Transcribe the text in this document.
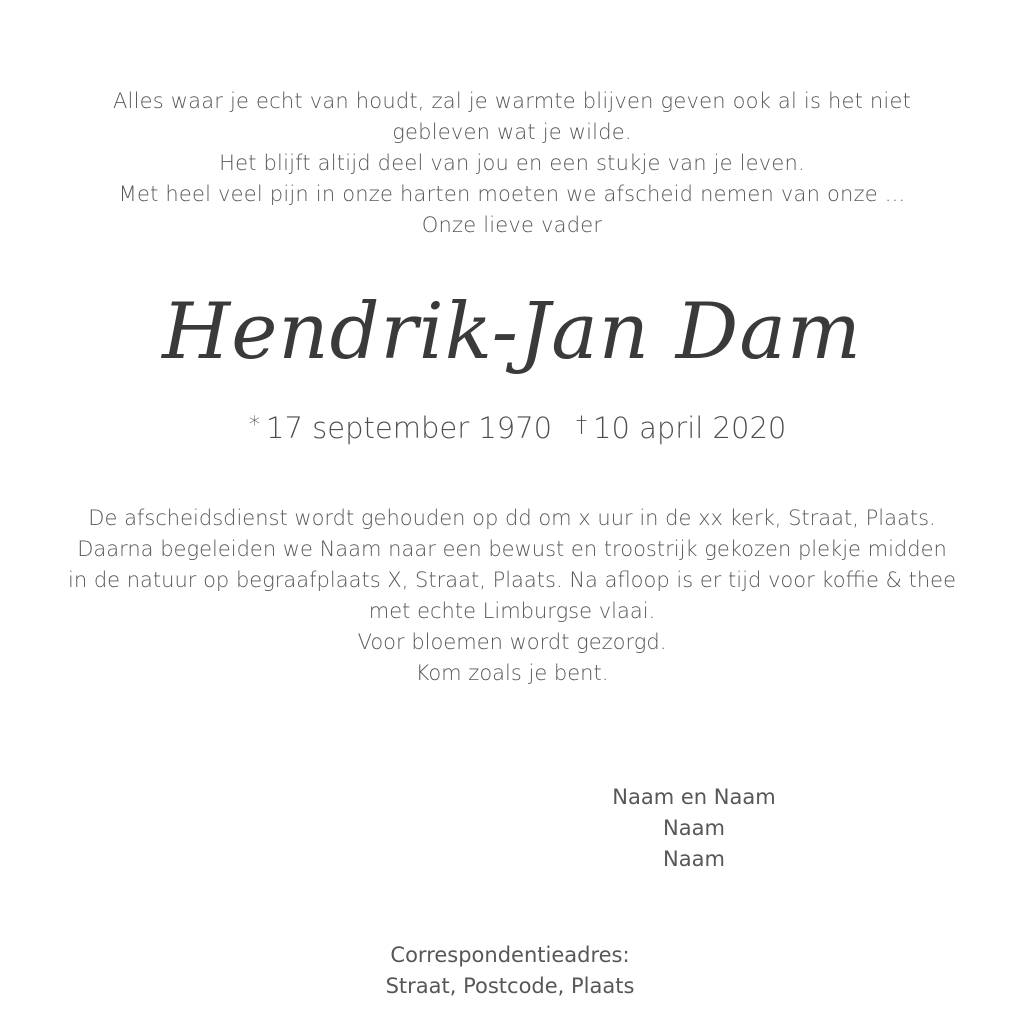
Alles waar je echt van houdt, zal je warmte blijven geven ook al is het niet
gebleven wat je wilde.
Het blijft altijd deel van jou en een stukje van je leven.
Met heel veel pijn in onze harten moeten we afscheid nemen van onze ...
Onze lieve vader
Hendrik-Jan Dam
* 17 september 1970 † 10 april 2020
De afscheidsdienst wordt gehouden op dd om x uur in de xx kerk, Straat, Plaats.
Daarna begeleiden we Naam naar een bewust en troostrijk gekozen plekje midden
in de natuur op begraafplaats X, Straat, Plaats. Na afloop is er tijd voor koffie & thee
met echte Limburgse vlaai.
Voor bloemen wordt gezorgd.
Kom zoals je bent.
Naam en Naam
Naam
Naam
Correspondentieadres:
Straat, Postcode, Plaats
